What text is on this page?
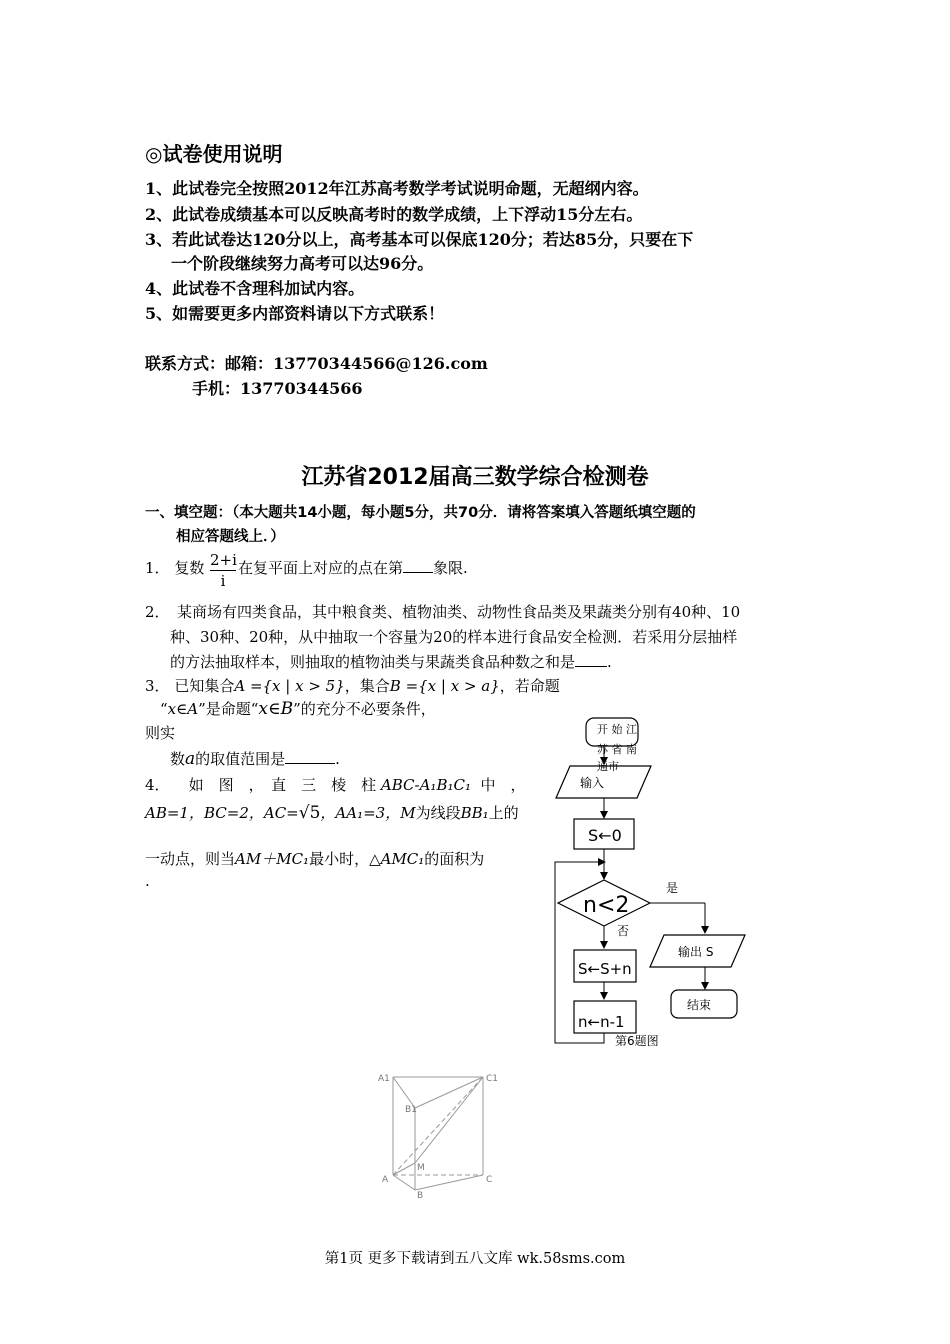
◎试卷使用说明
1、此试卷完全按照2012年江苏高考数学考试说明命题，无超纲内容。
2、此试卷成绩基本可以反映高考时的数学成绩，上下浮动15分左右。
3、若此试卷达120分以上，高考基本可以保底120分；若达85分，只要在下
一个阶段继续努力高考可以达96分。
4、此试卷不含理科加试内容。
5、如需要更多内部资料请以下方式联系！
联系方式：邮箱：13770344566@126.com
手机：13770344566
江苏省2012届高三数学综合检测卷
一、填空题：（本大题共14小题，每小题5分，共70分．请将答案填入答题纸填空题的
相应答题线上．）
1． 复数 $\frac{2+i}{i}$ 在复平面上对应的点在第 象限.
2．　某商场有四类食品，其中粮食类、植物油类、动物性食品类及果蔬类分别有40种、10
种、30种、20种，从中抽取一个容量为20的样本进行食品安全检测．若采用分层抽样
的方法抽取样本，则抽取的植物油类与果蔬类食品种数之和是 .
3． 已知集合A ={x | x > 5}，集合B ={x | x > a}，若命题
“x∈A”是命题“x∈B”的充分不必要条件，
则实
数a的取值范围是	.
4． 如　图　，　直　三　棱　柱 ABC-A₁B₁C₁ 中　，
AB=1，BC=2，AC=√5，AA₁=3，M为线段BB₁上的
一动点，则当AM＋MC₁最小时，△AMC₁的面积为
.
开 始 江
苏 省 南
通市
输入
S←0
n<2
是
输出 S
结束
否
S←S+n
n←n-1
第6题图
A1	C1
B1
M
A	C
B
第1页 更多下载请到五八文库 wk.58sms.com
